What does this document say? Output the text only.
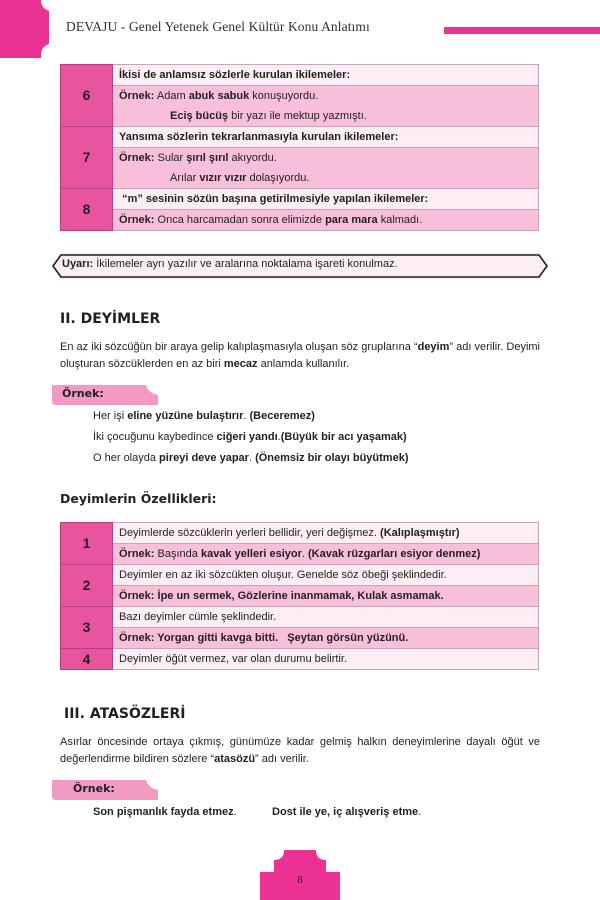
DEVAJU - Genel Yetenek Genel Kültür Konu Anlatımı
6	İkisi de anlamsız sözlerle kurulan ikilemeler:
	Örnek: Adam abuk sabuk konuşuyordu.
	Eciş bücüş bir yazı ile mektup yazmıştı.
7	Yansıma sözlerin tekrarlanmasıyla kurulan ikilemeler:
	Örnek: Sular şırıl şırıl akıyordu.
	Arılar vızır vızır dolaşıyordu.
8	“m” sesinin sözün başına getirilmesiyle yapılan ikilemeler:
	Örnek: Onca harcamadan sonra elimizde para mara kalmadı.
Uyarı: İkilemeler ayrı yazılır ve aralarına noktalama işareti konulmaz.
II. DEYİMLER
En az iki sözcüğün bir araya gelip kalıplaşmasıyla oluşan söz gruplarına “deyim” adı verilir. Deyimi oluşturan sözcüklerden en az biri mecaz anlamda kullanılır.
Örnek:
Her işi eline yüzüne bulaştırır. (Beceremez)
İki çocuğunu kaybedince ciğeri yandı.(Büyük bir acı yaşamak)
O her olayda pireyi deve yapar. (Önemsiz bir olayı büyütmek)
Deyimlerin Özellikleri:
1	Deyimlerde sözcüklerin yerleri bellidir, yeri değişmez. (Kalıplaşmıştır)
	Örnek: Başında kavak yelleri esiyor. (Kavak rüzgarları esiyor denmez)
2	Deyimler en az iki sözcükten oluşur. Genelde söz öbeği şeklindedir.
	Örnek: İpe un sermek, Gözlerine inanmamak, Kulak asmamak.
3	Bazı deyimler cümle şeklindedir.
	Örnek: Yorgan gitti kavga bitti.   Şeytan görsün yüzünü.
4	Deyimler öğüt vermez, var olan durumu belirtir.
III. ATASÖZLERİ
Asırlar öncesinde ortaya çıkmış, günümüze kadar gelmiş halkın deneyimlerine dayalı öğüt ve değerlendirme bildiren sözlere “atasözü” adı verilir.
Örnek:
Son pişmanlık fayda etmez.	Dost ile ye, iç alışveriş etme.
8
